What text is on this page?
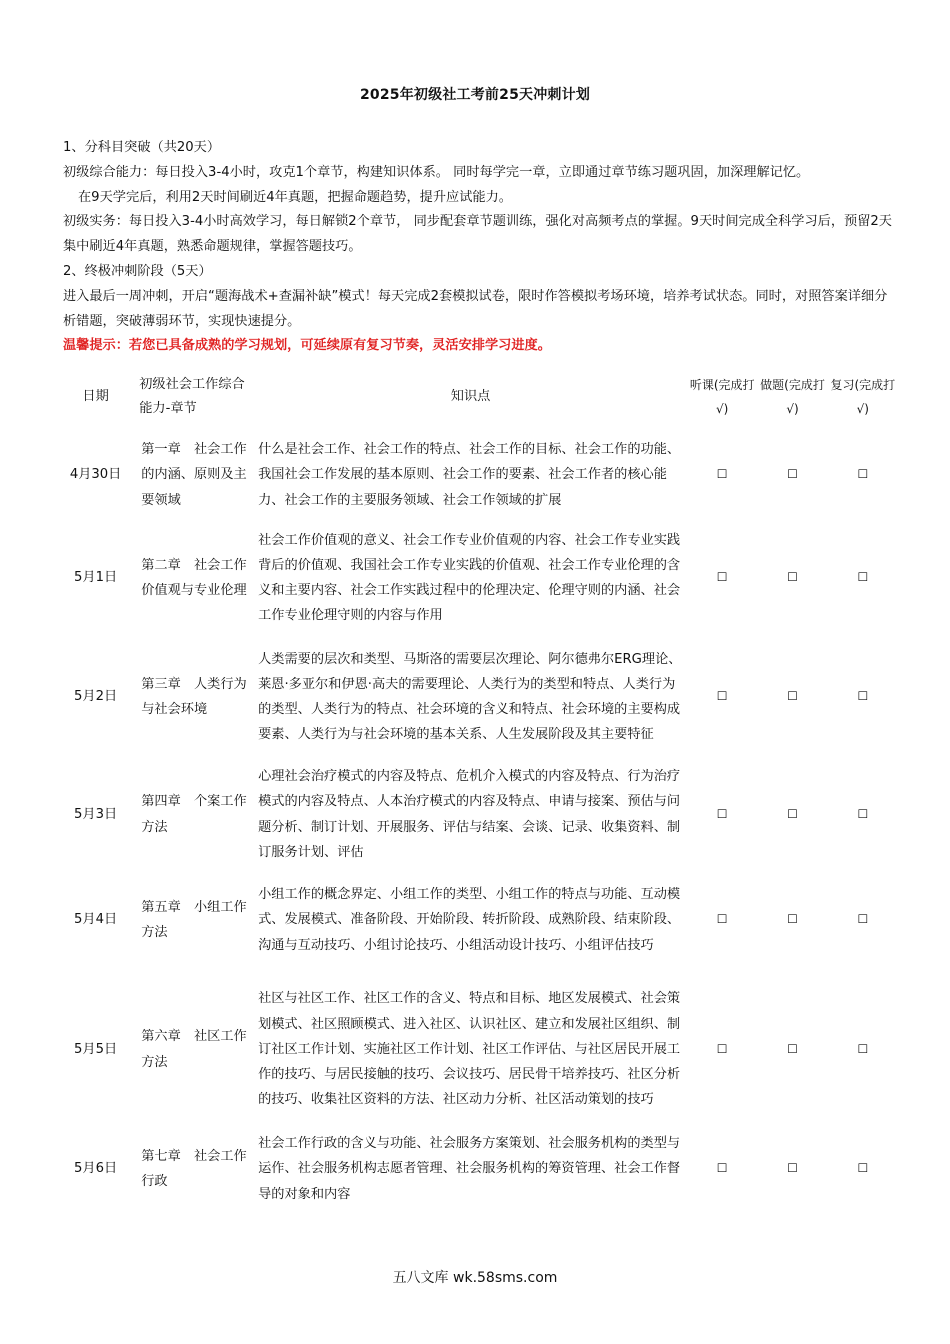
2025年初级社工考前25天冲刺计划

1、分科目突破（共20天）

初级综合能力：每日投入3-4小时，攻克1个章节，构建知识体系。 同时每学完一章，立即通过章节练习题巩固，加深理解记忆。

在9天学完后，利用2天时间刷近4年真题，把握命题趋势，提升应试能力。

初级实务：每日投入3-4小时高效学习，每日解锁2个章节， 同步配套章节题训练，强化对高频考点的掌握。9天时间完成全科学习后，预留2天集中刷近4年真题，熟悉命题规律，掌握答题技巧。

2、终极冲刺阶段（5天）

进入最后一周冲刺，开启“题海战术+查漏补缺”模式！每天完成2套模拟试卷，限时作答模拟考场环境，培养考试状态。同时，对照答案详细分析错题，突破薄弱环节，实现快速提分。

温馨提示：若您已具备成熟的学习规划，可延续原有复习节奏，灵活安排学习进度。

日期	初级社会工作综合能力-章节	知识点	听课(完成打√)	做题(完成打√)	复习(完成打√)
4月30日	第一章　社会工作的内涵、原则及主要领域	什么是社会工作、社会工作的特点、社会工作的目标、社会工作的功能、我国社会工作发展的基本原则、社会工作的要素、社会工作者的核心能力、社会工作的主要服务领域、社会工作领域的扩展	☐	☐	☐
5月1日	第二章　社会工作价值观与专业伦理	社会工作价值观的意义、社会工作专业价值观的内容、社会工作专业实践背后的价值观、我国社会工作专业实践的价值观、社会工作专业伦理的含义和主要内容、社会工作实践过程中的伦理决定、伦理守则的内涵、社会工作专业伦理守则的内容与作用	☐	☐	☐
5月2日	第三章　人类行为与社会环境	人类需要的层次和类型、马斯洛的需要层次理论、阿尔德弗尔ERG理论、莱恩·多亚尔和伊恩·高夫的需要理论、人类行为的类型和特点、人类行为的类型、人类行为的特点、社会环境的含义和特点、社会环境的主要构成要素、人类行为与社会环境的基本关系、人生发展阶段及其主要特征	☐	☐	☐
5月3日	第四章　个案工作方法	心理社会治疗模式的内容及特点、危机介入模式的内容及特点、行为治疗模式的内容及特点、人本治疗模式的内容及特点、申请与接案、预估与问题分析、制订计划、开展服务、评估与结案、会谈、记录、收集资料、制订服务计划、评估	☐	☐	☐
5月4日	第五章　小组工作方法	小组工作的概念界定、小组工作的类型、小组工作的特点与功能、互动模式、发展模式、准备阶段、开始阶段、转折阶段、成熟阶段、结束阶段、沟通与互动技巧、小组讨论技巧、小组活动设计技巧、小组评估技巧	☐	☐	☐
5月5日	第六章　社区工作方法	社区与社区工作、社区工作的含义、特点和目标、地区发展模式、社会策划模式、社区照顾模式、进入社区、认识社区、建立和发展社区组织、制订社区工作计划、实施社区工作计划、社区工作评估、与社区居民开展工作的技巧、与居民接触的技巧、会议技巧、居民骨干培养技巧、社区分析的技巧、收集社区资料的方法、社区动力分析、社区活动策划的技巧	☐	☐	☐
5月6日	第七章　社会工作行政	社会工作行政的含义与功能、社会服务方案策划、社会服务机构的类型与运作、社会服务机构志愿者管理、社会服务机构的筹资管理、社会工作督导的对象和内容	☐	☐	☐
五八文库 wk.58sms.com
